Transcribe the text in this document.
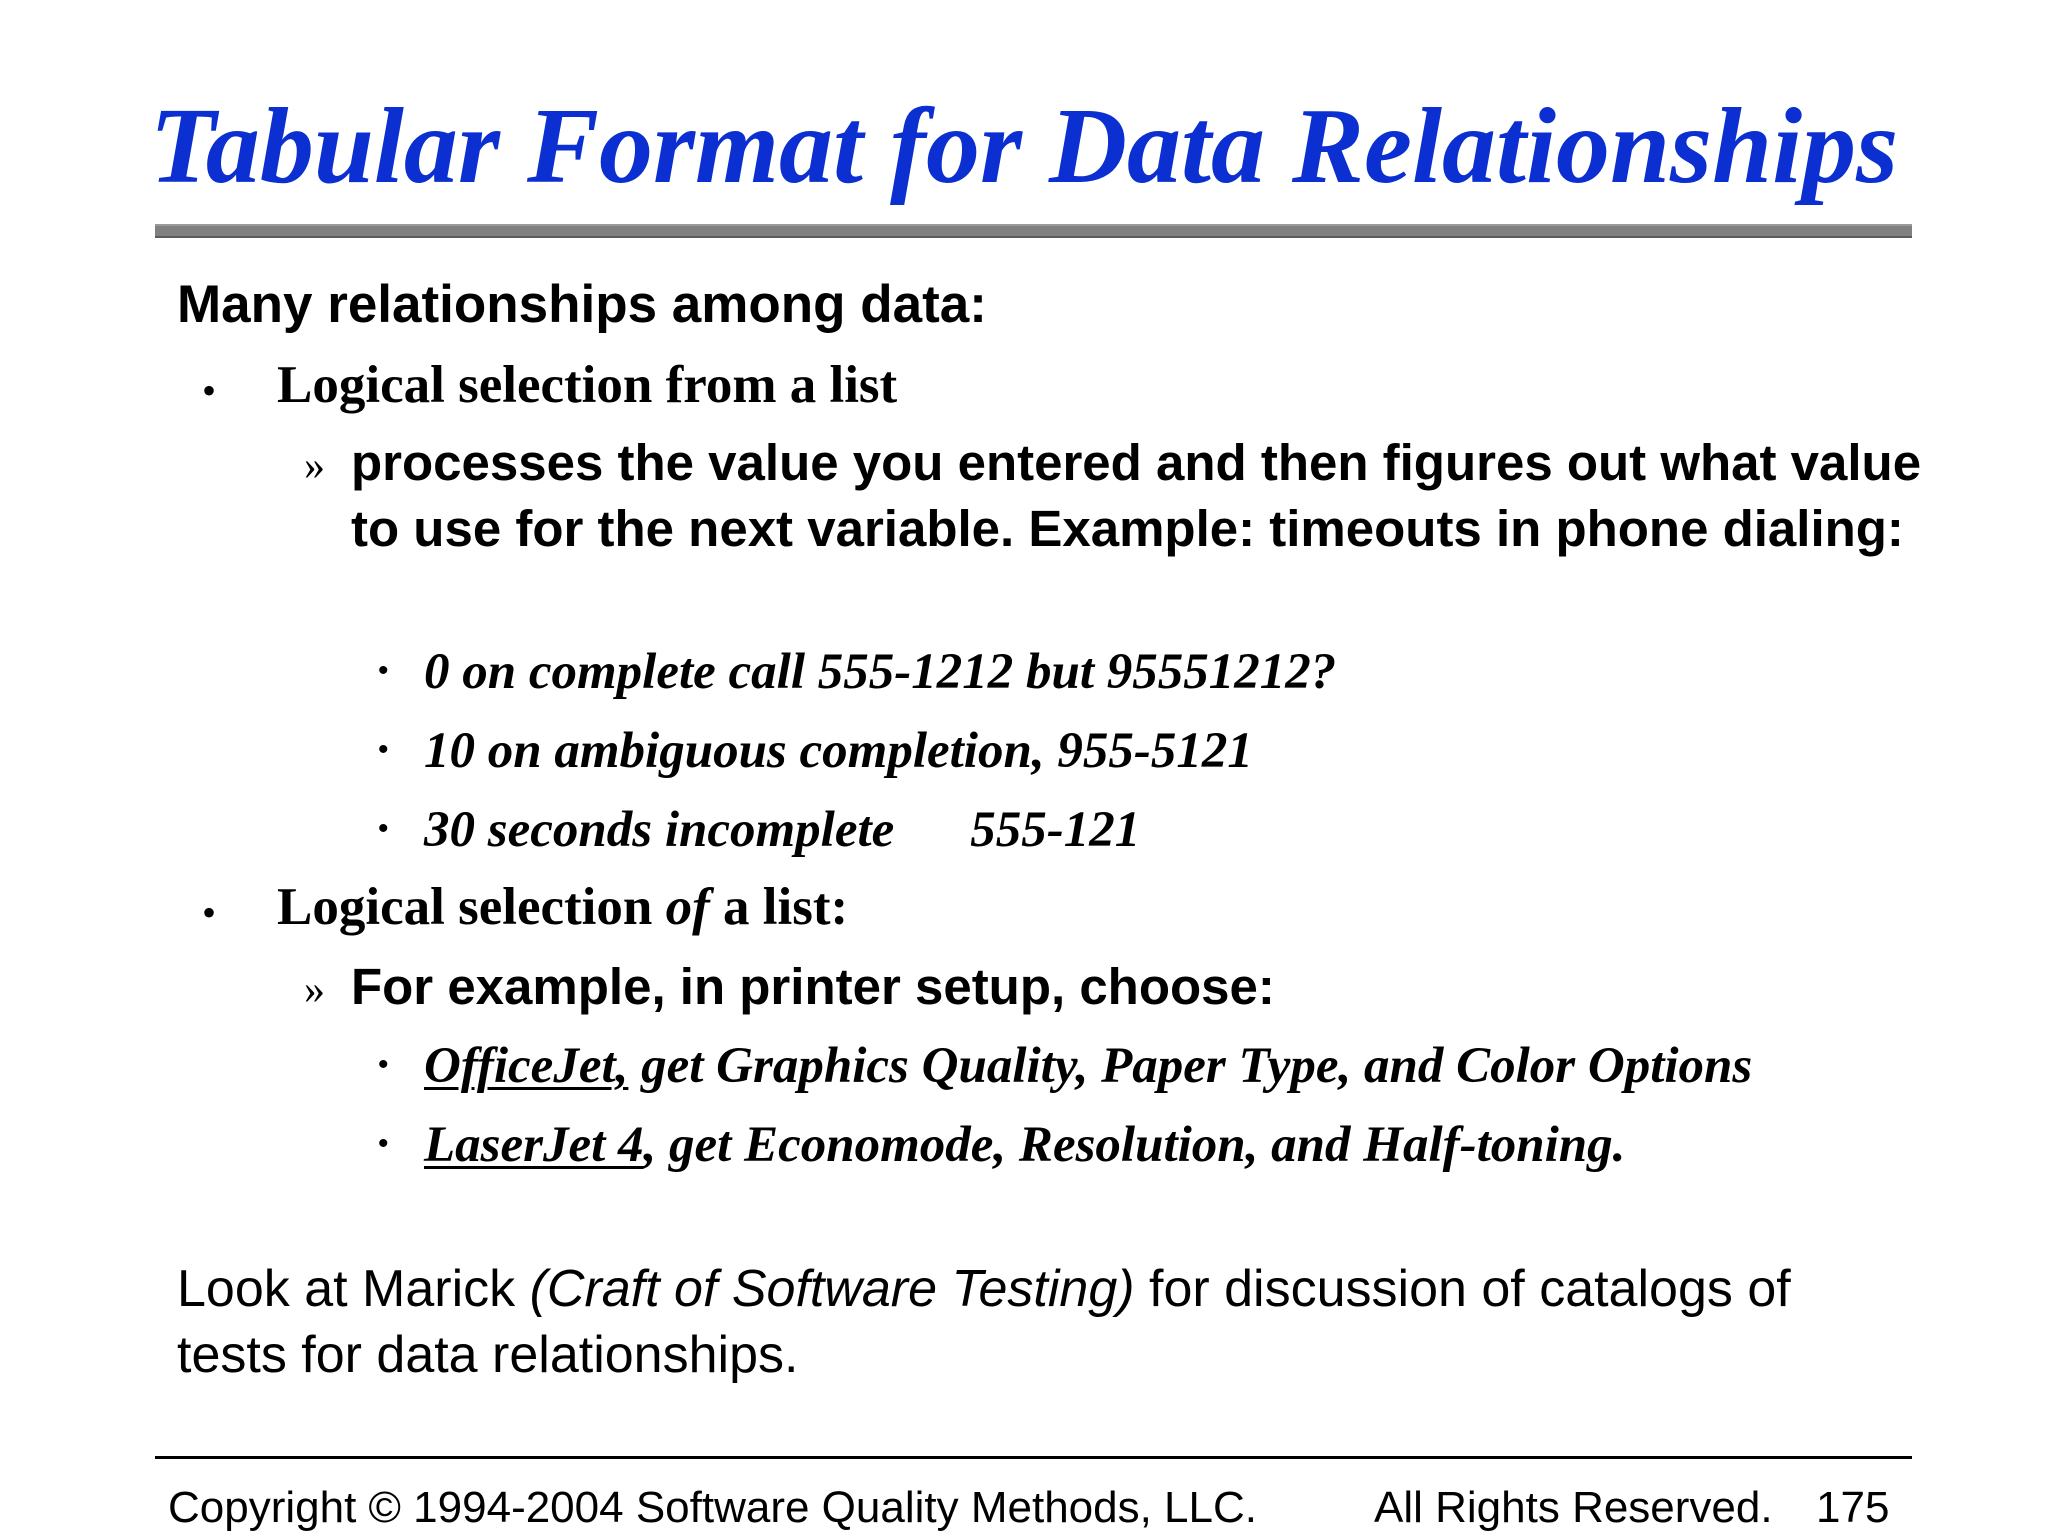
Tabular Format for Data Relationships

Many relationships among data:

• Logical selection from a list

» processes the value you entered and then figures out what value to use for the next variable. Example: timeouts in phone dialing:

• 0 on complete call 555-1212 but 95551212?

• 10 on ambiguous completion, 955-5121

• 30 seconds incomplete 555-121

• Logical selection of a list:

» For example, in printer setup, choose:

• OfficeJet, get Graphics Quality, Paper Type, and Color Options

• LaserJet 4, get Economode, Resolution, and Half-toning.

Look at Marick (Craft of Software Testing) for discussion of catalogs of tests for data relationships.

Copyright © 1994-2004 Software Quality Methods, LLC.	All Rights Reserved. 175
